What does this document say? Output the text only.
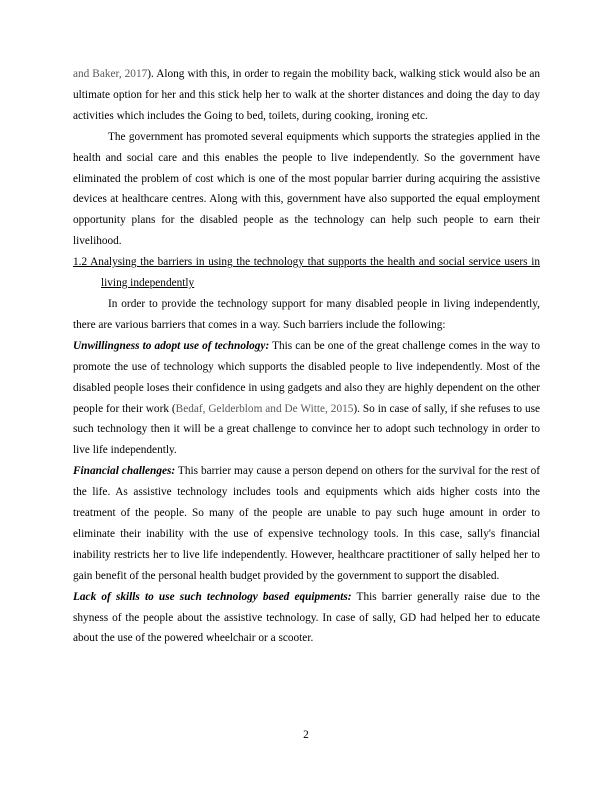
and Baker, 2017). Along with this, in order to regain the mobility back, walking stick would also be an ultimate option for her and this stick help her to walk at the shorter distances and doing the day to day activities which includes the Going to bed, toilets, during cooking, ironing etc.

The government has promoted several equipments which supports the strategies applied in the health and social care and this enables the people to live independently. So the government have eliminated the problem of cost which is one of the most popular barrier during acquiring the assistive devices at healthcare centres. Along with this, government have also supported the equal employment opportunity plans for the disabled people as the technology can help such people to earn their livelihood.

1.2 Analysing the barriers in using the technology that supports the health and social service users in living independently

In order to provide the technology support for many disabled people in living independently, there are various barriers that comes in a way. Such barriers include the following:

Unwillingness to adopt use of technology: This can be one of the great challenge comes in the way to promote the use of technology which supports the disabled people to live independently. Most of the disabled people loses their confidence in using gadgets and also they are highly dependent on the other people for their work (Bedaf, Gelderblom and De Witte, 2015). So in case of sally, if she refuses to use such technology then it will be a great challenge to convince her to adopt such technology in order to live life independently.

Financial challenges: This barrier may cause a person depend on others for the survival for the rest of the life. As assistive technology includes tools and equipments which aids higher costs into the treatment of the people. So many of the people are unable to pay such huge amount in order to eliminate their inability with the use of expensive technology tools. In this case, sally's financial inability restricts her to live life independently. However, healthcare practitioner of sally helped her to gain benefit of the personal health budget provided by the government to support the disabled.

Lack of skills to use such technology based equipments: This barrier generally raise due to the shyness of the people about the assistive technology. In case of sally, GD had helped her to educate about the use of the powered wheelchair or a scooter.

2
